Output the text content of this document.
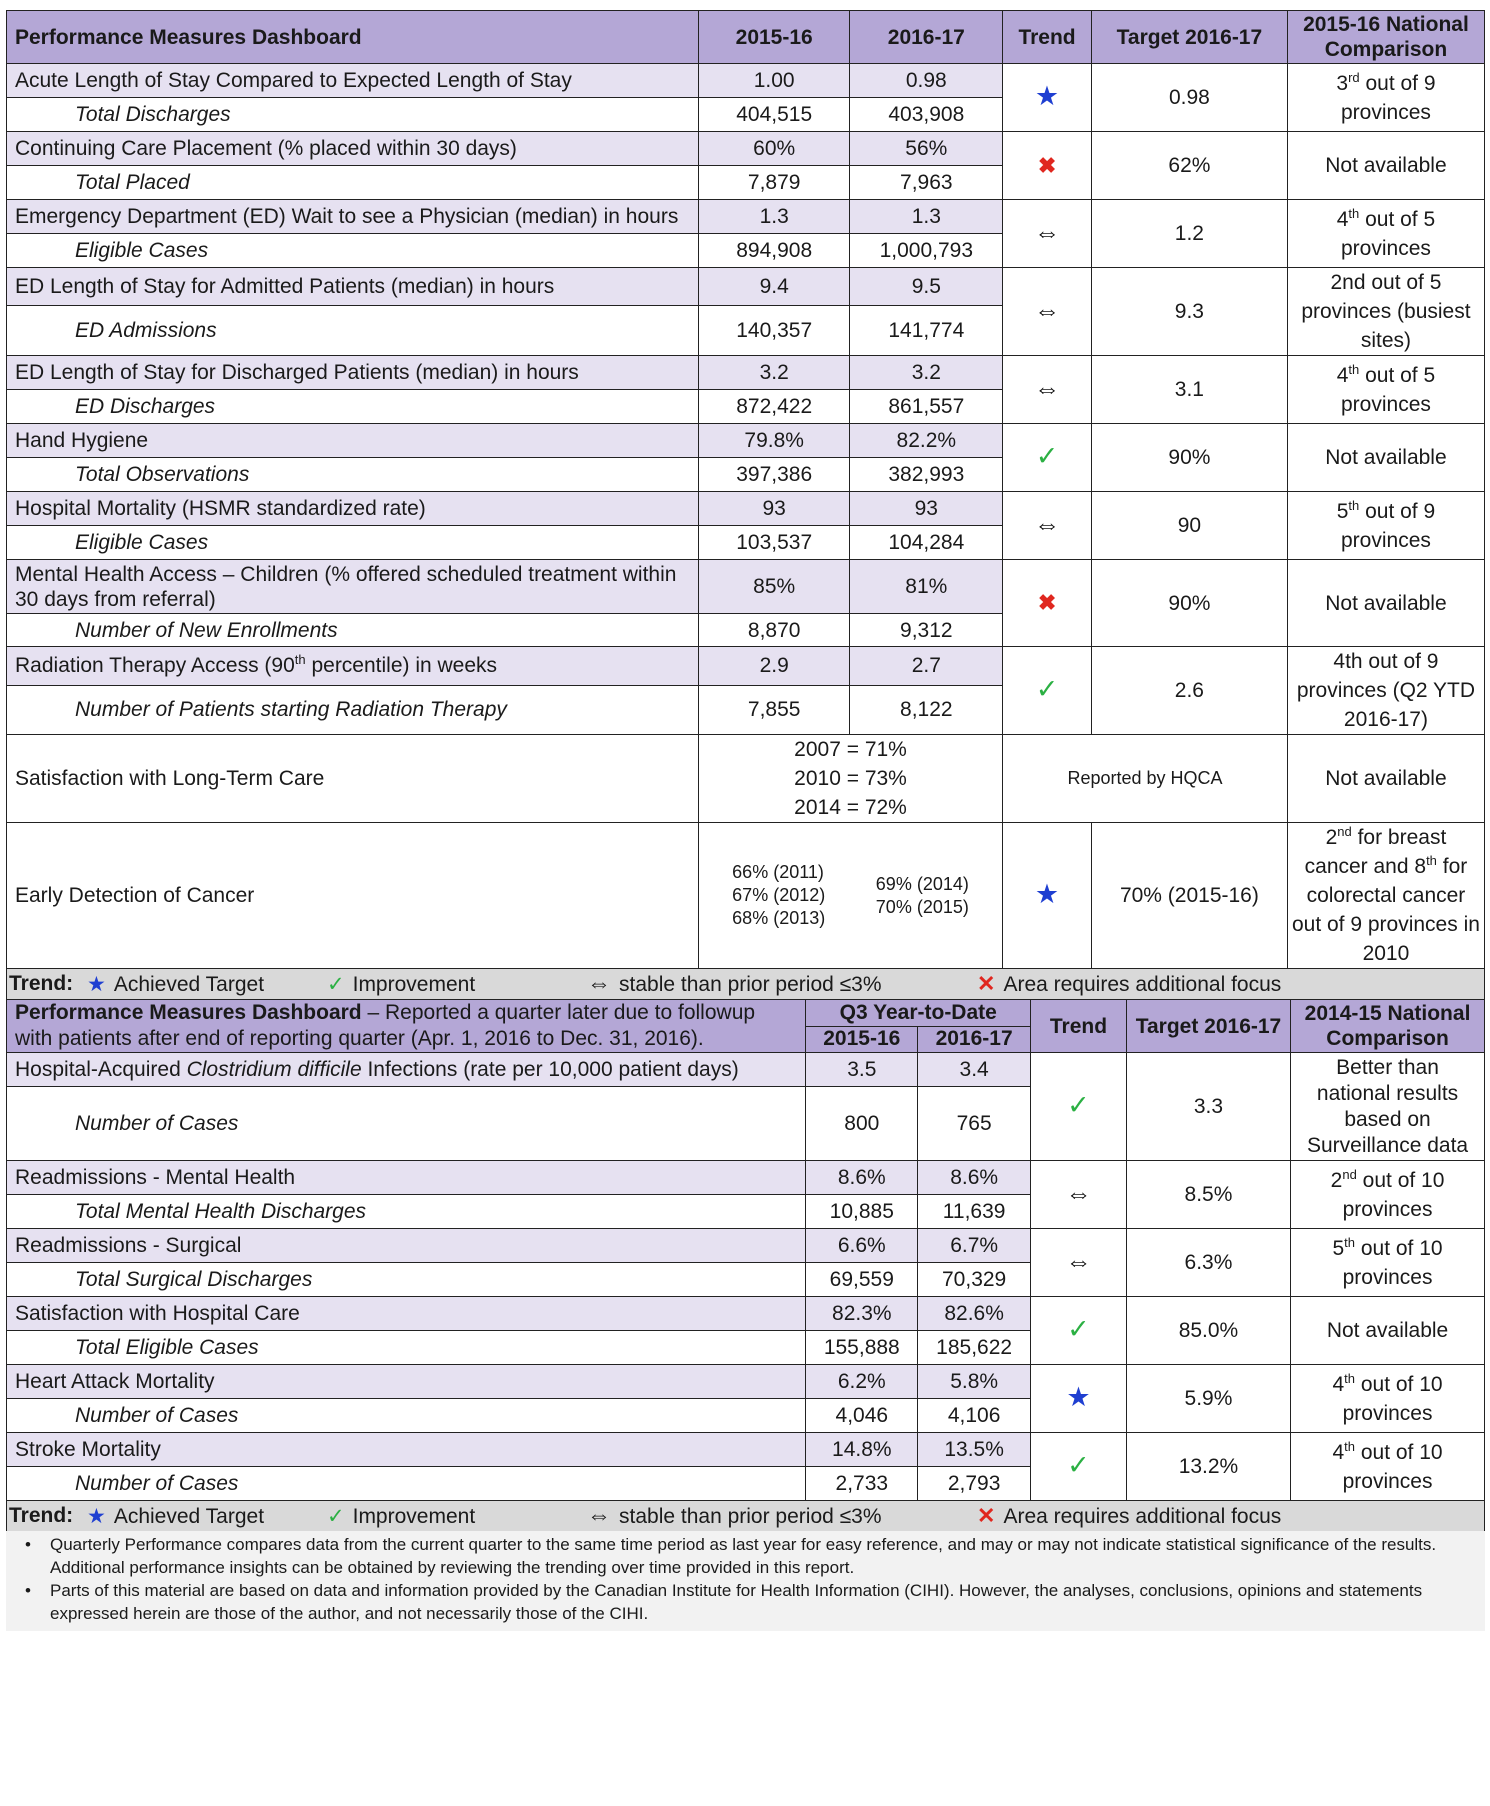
Performance Measures Dashboard	2015-16	2016-17	Trend	Target 2016-17	2015-16 National Comparison
Acute Length of Stay Compared to Expected Length of Stay	1.00	0.98	★	0.98	3rd out of 9 provinces
Total Discharges	404,515	403,908			
Continuing Care Placement (% placed within 30 days)	60%	56%	✖	62%	Not available
Total Placed	7,879	7,963			
Emergency Department (ED) Wait to see a Physician (median) in hours	1.3	1.3	⇔	1.2	4th out of 5 provinces
Eligible Cases	894,908	1,000,793			
ED Length of Stay for Admitted Patients (median) in hours	9.4	9.5	⇔	9.3	2nd out of 5 provinces (busiest sites)
ED Admissions	140,357	141,774			
ED Length of Stay for Discharged Patients (median) in hours	3.2	3.2	⇔	3.1	4th out of 5 provinces
ED Discharges	872,422	861,557			
Hand Hygiene	79.8%	82.2%	✓	90%	Not available
Total Observations	397,386	382,993			
Hospital Mortality (HSMR standardized rate)	93	93	⇔	90	5th out of 9 provinces
Eligible Cases	103,537	104,284			
Mental Health Access – Children (% offered scheduled treatment within 30 days from referral)	85%	81%	✖	90%	Not available
Number of New Enrollments	8,870	9,312			
Radiation Therapy Access (90th percentile) in weeks	2.9	2.7	✓	2.6	4th out of 9 provinces (Q2 YTD 2016-17)
Number of Patients starting Radiation Therapy	7,855	8,122			
Satisfaction with Long-Term Care	2007 = 71%
2010 = 73%
2014 = 72%		Reported by HQCA		Not available
Early Detection of Cancer	66% (2011)
67% (2012)
68% (2013)
69% (2014)
70% (2015)		★	70% (2015-16)	2nd for breast cancer and 8th for colorectal cancer out of 9 provinces in 2010
Trend: ★ Achieved Target	✓ Improvement	⇔ stable than prior period ≤3%	✕ Area requires additional focus
Performance Measures Dashboard – Reported a quarter later due to followup with patients after end of reporting quarter (Apr. 1, 2016 to Dec. 31, 2016).	Q3 Year-to-Date		Trend	Target 2016-17	2014-15 National Comparison
	2015-16	2016-17			
Hospital-Acquired Clostridium difficile Infections (rate per 10,000 patient days)	3.5	3.4	✓	3.3	Better than national results based on Surveillance data
Number of Cases	800	765			
Readmissions - Mental Health	8.6%	8.6%	⇔	8.5%	2nd out of 10 provinces
Total Mental Health Discharges	10,885	11,639			
Readmissions - Surgical	6.6%	6.7%	⇔	6.3%	5th out of 10 provinces
Total Surgical Discharges	69,559	70,329			
Satisfaction with Hospital Care	82.3%	82.6%	✓	85.0%	Not available
Total Eligible Cases	155,888	185,622			
Heart Attack Mortality	6.2%	5.8%	★	5.9%	4th out of 10 provinces
Number of Cases	4,046	4,106			
Stroke Mortality	14.8%	13.5%	✓	13.2%	4th out of 10 provinces
Number of Cases	2,733	2,793			
Trend: ★ Achieved Target	✓ Improvement	⇔ stable than prior period ≤3%	✕ Area requires additional focus
•	Quarterly Performance compares data from the current quarter to the same time period as last year for easy reference, and may or may not indicate statistical significance of the results. Additional performance insights can be obtained by reviewing the trending over time provided in this report.
•	Parts of this material are based on data and information provided by the Canadian Institute for Health Information (CIHI). However, the analyses, conclusions, opinions and statements expressed herein are those of the author, and not necessarily those of the CIHI.
